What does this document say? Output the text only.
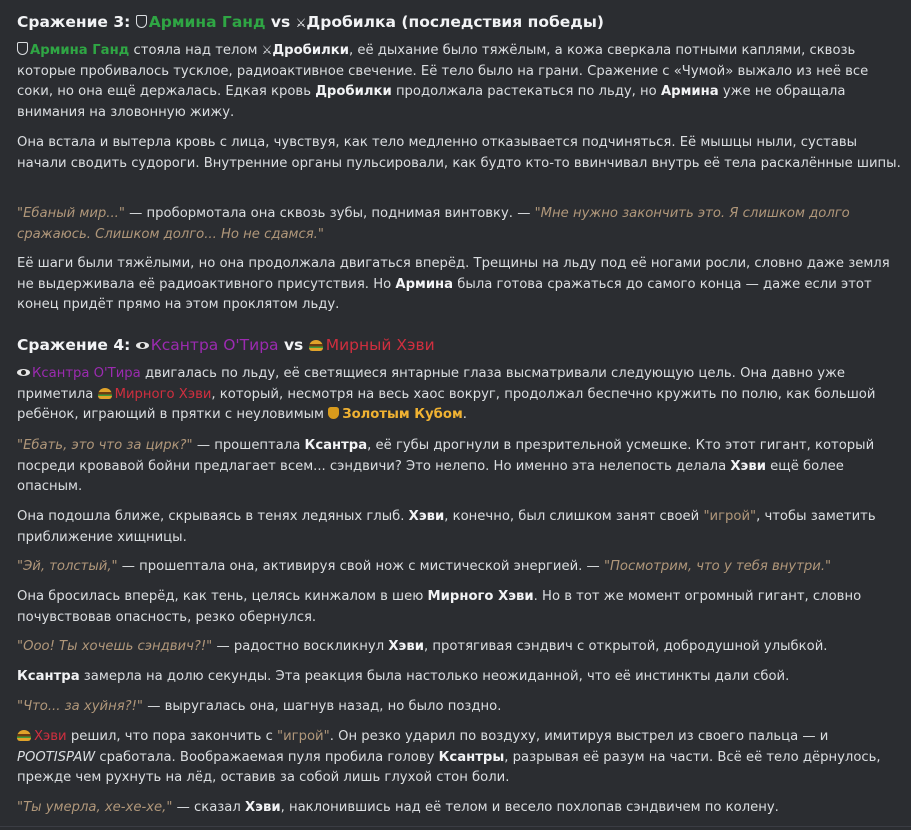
Сражение 3: Армина Ганд vs ⚔Дробилка (последствия победы)

Армина Ганд стояла над телом ⚔Дробилки, её дыхание было тяжёлым, а кожа сверкала потными каплями, сквозь которые пробивалось тусклое, радиоактивное свечение. Её тело было на грани. Сражение с «Чумой» выжало из неё все соки, но она ещё держалась. Едкая кровь Дробилки продолжала растекаться по льду, но Армина уже не обращала внимания на зловонную жижу.

Она встала и вытерла кровь с лица, чувствуя, как тело медленно отказывается подчиняться. Её мышцы ныли, суставы начали сводить судороги. Внутренние органы пульсировали, как будто кто-то ввинчивал внутрь её тела раскалённые шипы.

"Ебаный мир..." — пробормотала она сквозь зубы, поднимая винтовку. — "Мне нужно закончить это. Я слишком долго сражаюсь. Слишком долго... Но не сдамся."

Её шаги были тяжёлыми, но она продолжала двигаться вперёд. Трещины на льду под её ногами росли, словно даже земля не выдерживала её радиоактивного присутствия. Но Армина была готова сражаться до самого конца — даже если этот конец придёт прямо на этом проклятом льду.

Сражение 4: Ксантра О'Тира vs Мирный Хэви

Ксантра О'Тира двигалась по льду, её светящиеся янтарные глаза высматривали следующую цель. Она давно уже приметила Мирного Хэви, который, несмотря на весь хаос вокруг, продолжал беспечно кружить по полю, как большой ребёнок, играющий в прятки с неуловимым Золотым Кубом.

"Ебать, это что за цирк?" — прошептала Ксантра, её губы дрогнули в презрительной усмешке. Кто этот гигант, который посреди кровавой бойни предлагает всем... сэндвичи? Это нелепо. Но именно эта нелепость делала Хэви ещё более опасным.

Она подошла ближе, скрываясь в тенях ледяных глыб. Хэви, конечно, был слишком занят своей "игрой", чтобы заметить приближение хищницы.

"Эй, толстый," — прошептала она, активируя свой нож с мистической энергией. — "Посмотрим, что у тебя внутри."

Она бросилась вперёд, как тень, целясь кинжалом в шею Мирного Хэви. Но в тот же момент огромный гигант, словно почувствовав опасность, резко обернулся.

"Ооо! Ты хочешь сэндвич?!" — радостно воскликнул Хэви, протягивая сэндвич с открытой, добродушной улыбкой.

Ксантра замерла на долю секунды. Эта реакция была настолько неожиданной, что её инстинкты дали сбой.

"Что... за хуйня?!" — выругалась она, шагнув назад, но было поздно.

Хэви решил, что пора закончить с "игрой". Он резко ударил по воздуху, имитируя выстрел из своего пальца — и POOTISPAW сработала. Воображаемая пуля пробила голову Ксантры, разрывая её разум на части. Всё её тело дёрнулось, прежде чем рухнуть на лёд, оставив за собой лишь глухой стон боли.

"Ты умерла, хе-хе-хе," — сказал Хэви, наклонившись над её телом и весело похлопав сэндвичем по колену.
